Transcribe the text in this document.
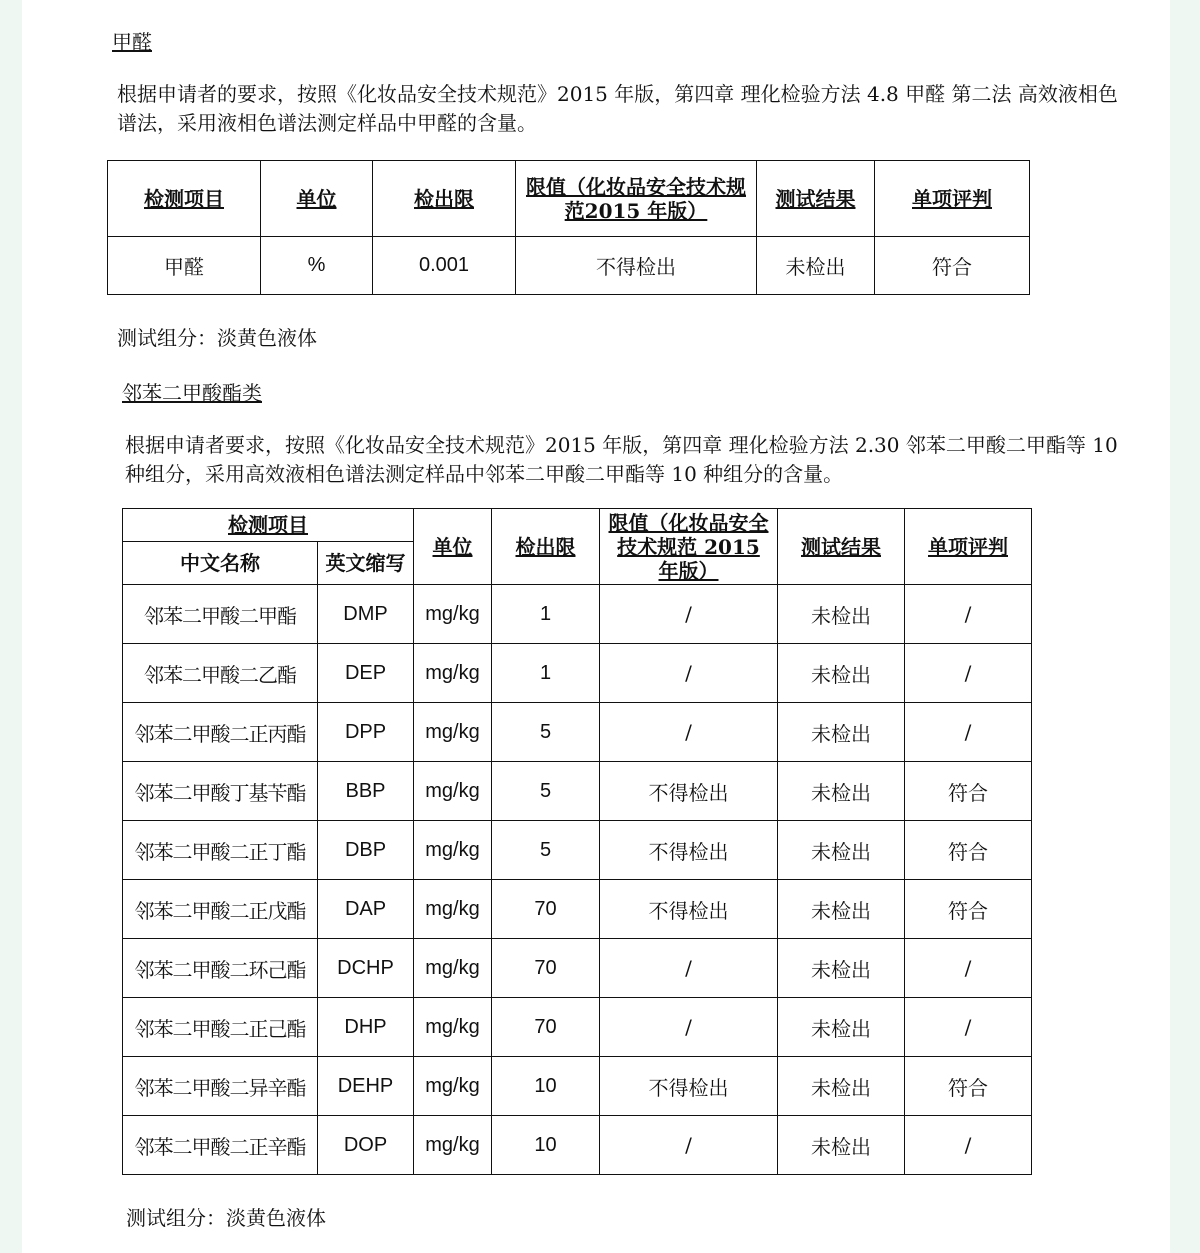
甲醛
根据申请者的要求，按照《化妆品安全技术规范》2015 年版，第四章 理化检验方法 4.8 甲醛 第二法 高效液相色谱法，采用液相色谱法测定样品中甲醛的含量。
检测项目	单位	检出限	限值（化妆品安全技术规范2015 年版）	测试结果	单项评判
甲醛	%	0.001	不得检出	未检出	符合
测试组分：淡黄色液体
邻苯二甲酸酯类
根据申请者要求，按照《化妆品安全技术规范》2015 年版，第四章 理化检验方法 2.30 邻苯二甲酸二甲酯等 10 种组分，采用高效液相色谱法测定样品中邻苯二甲酸二甲酯等 10 种组分的含量。
检测项目		单位	检出限	限值（化妆品安全技术规范 2015 年版）	测试结果	单项评判
中文名称	英文缩写					
邻苯二甲酸二甲酯	DMP	mg/kg	1	/	未检出	/
邻苯二甲酸二乙酯	DEP	mg/kg	1	/	未检出	/
邻苯二甲酸二正丙酯	DPP	mg/kg	5	/	未检出	/
邻苯二甲酸丁基苄酯	BBP	mg/kg	5	不得检出	未检出	符合
邻苯二甲酸二正丁酯	DBP	mg/kg	5	不得检出	未检出	符合
邻苯二甲酸二正戊酯	DAP	mg/kg	70	不得检出	未检出	符合
邻苯二甲酸二环己酯	DCHP	mg/kg	70	/	未检出	/
邻苯二甲酸二正己酯	DHP	mg/kg	70	/	未检出	/
邻苯二甲酸二异辛酯	DEHP	mg/kg	10	不得检出	未检出	符合
邻苯二甲酸二正辛酯	DOP	mg/kg	10	/	未检出	/
测试组分：淡黄色液体
